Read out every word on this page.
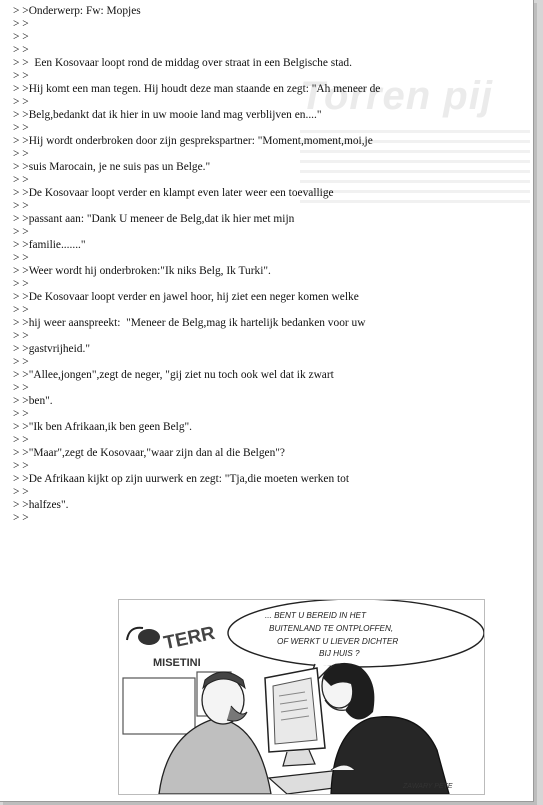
Torren pij
> >Onderwerp: Fw: Mopjes
> >
> >
> >
> >  Een Kosovaar loopt rond de middag over straat in een Belgische stad.
> >
> >Hij komt een man tegen. Hij houdt deze man staande en zegt: "Ah meneer de
> >
> >Belg,bedankt dat ik hier in uw mooie land mag verblijven en...."
> >
> >Hij wordt onderbroken door zijn gesprekspartner: "Moment,moment,moi,je
> >
> >suis Marocain, je ne suis pas un Belge."
> >
> >De Kosovaar loopt verder en klampt even later weer een toevallige
> >
> >passant aan: "Dank U meneer de Belg,dat ik hier met mijn
> >
> >familie......."
> >
> >Weer wordt hij onderbroken:"Ik niks Belg, Ik Turki".
> >
> >De Kosovaar loopt verder en jawel hoor, hij ziet een neger komen welke
> >
> >hij weer aanspreekt:  "Meneer de Belg,mag ik hartelijk bedanken voor uw
> >
> >gastvrijheid."
> >
> >"Allee,jongen",zegt de neger, "gij ziet nu toch ook wel dat ik zwart
> >
> >ben".
> >
> >"Ik ben Afrikaan,ik ben geen Belg".
> >
> >"Maar",zegt de Kosovaar,"waar zijn dan al die Belgen"?
> >
> >De Afrikaan kijkt op zijn uurwerk en zegt: "Tja,die moeten werken tot
> >
> >halfzes".
> >
... BENT U BEREID IN HET
BUITENLAND TE ONTPLOFFEN,
OF WERKT U LIEVER DICHTER
BIJ HUIS ?
TERR
MISETINI
ZAWARY PETE
